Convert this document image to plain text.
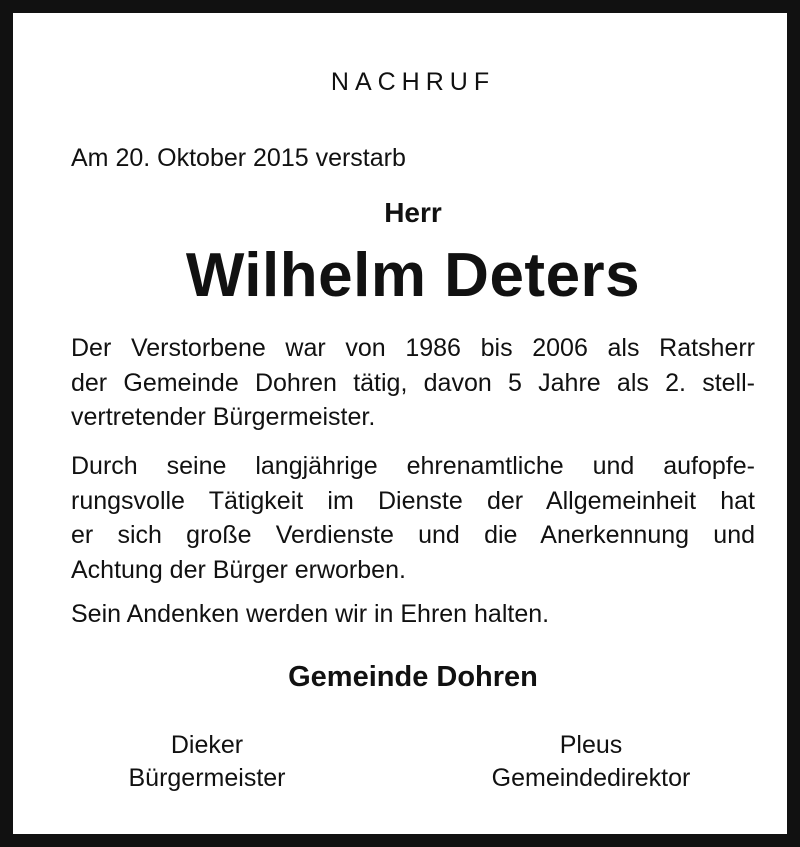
NACHRUF
Am 20. Oktober 2015 verstarb
Herr
Wilhelm Deters
Der Verstorbene war von 1986 bis 2006 als Ratsherr
der Gemeinde Dohren tätig, davon 5 Jahre als 2. stell-
vertretender Bürgermeister.
Durch seine langjährige ehrenamtliche und aufopfe-
rungsvolle Tätigkeit im Dienste der Allgemeinheit hat
er sich große Verdienste und die Anerkennung und
Achtung der Bürger erworben.
Sein Andenken werden wir in Ehren halten.
Gemeinde Dohren
Dieker
Bürgermeister
Pleus
Gemeindedirektor
